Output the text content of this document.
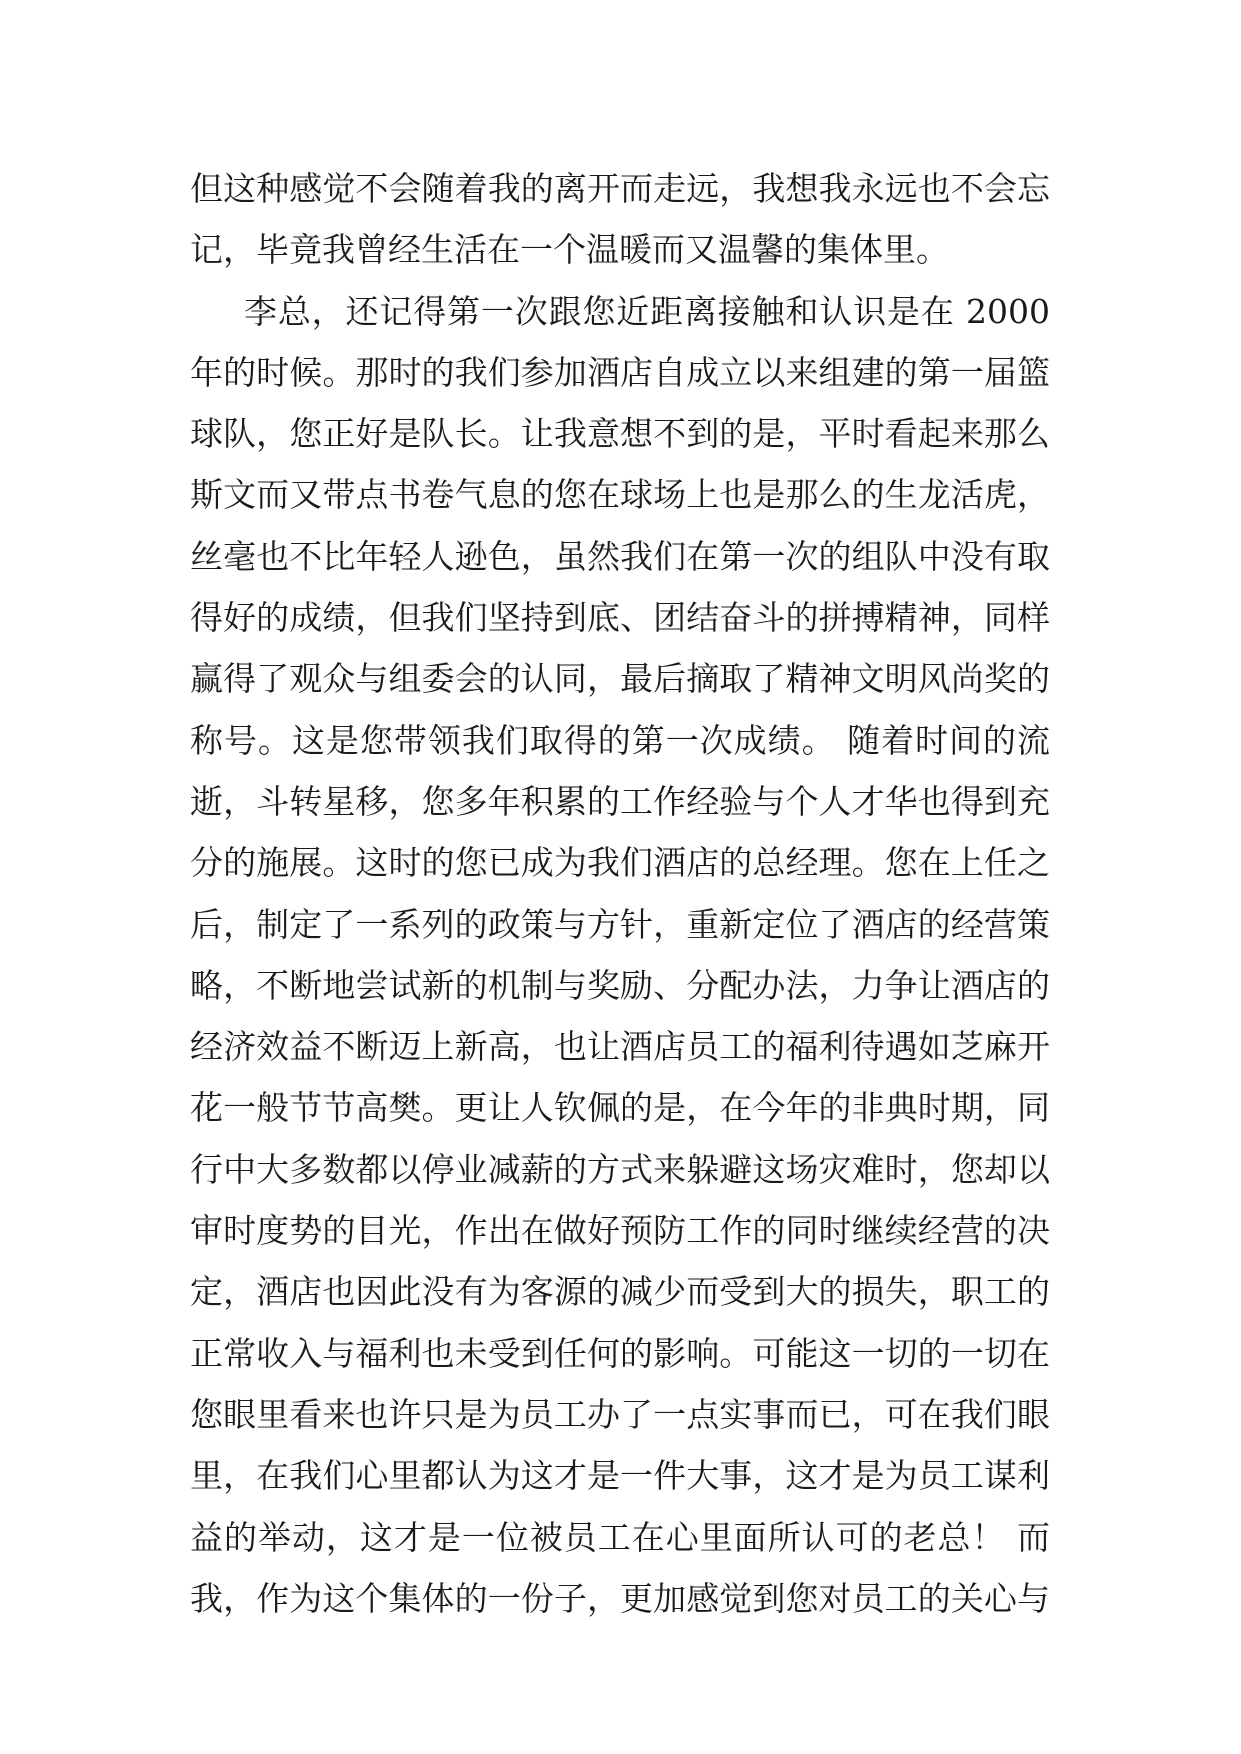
但这种感觉不会随着我的离开而走远，我想我永远也不会忘
记，毕竟我曾经生活在一个温暖而又温馨的集体里。
李总，还记得第一次跟您近距离接触和认识是在 2000
年的时候。那时的我们参加酒店自成立以来组建的第一届篮
球队，您正好是队长。让我意想不到的是，平时看起来那么
斯文而又带点书卷气息的您在球场上也是那么的生龙活虎，
丝毫也不比年轻人逊色，虽然我们在第一次的组队中没有取
得好的成绩，但我们坚持到底、团结奋斗的拼搏精神，同样
赢得了观众与组委会的认同，最后摘取了精神文明风尚奖的
称号。这是您带领我们取得的第一次成绩。 随着时间的流
逝，斗转星移，您多年积累的工作经验与个人才华也得到充
分的施展。这时的您已成为我们酒店的总经理。您在上任之
后，制定了一系列的政策与方针，重新定位了酒店的经营策
略，不断地尝试新的机制与奖励、分配办法，力争让酒店的
经济效益不断迈上新高，也让酒店员工的福利待遇如芝麻开
花一般节节高樊。更让人钦佩的是，在今年的非典时期，同
行中大多数都以停业减薪的方式来躲避这场灾难时，您却以
审时度势的目光，作出在做好预防工作的同时继续经营的决
定，酒店也因此没有为客源的减少而受到大的损失，职工的
正常收入与福利也未受到任何的影响。可能这一切的一切在
您眼里看来也许只是为员工办了一点实事而已，可在我们眼
里，在我们心里都认为这才是一件大事，这才是为员工谋利
益的举动，这才是一位被员工在心里面所认可的老总！ 而
我，作为这个集体的一份子，更加感觉到您对员工的关心与
